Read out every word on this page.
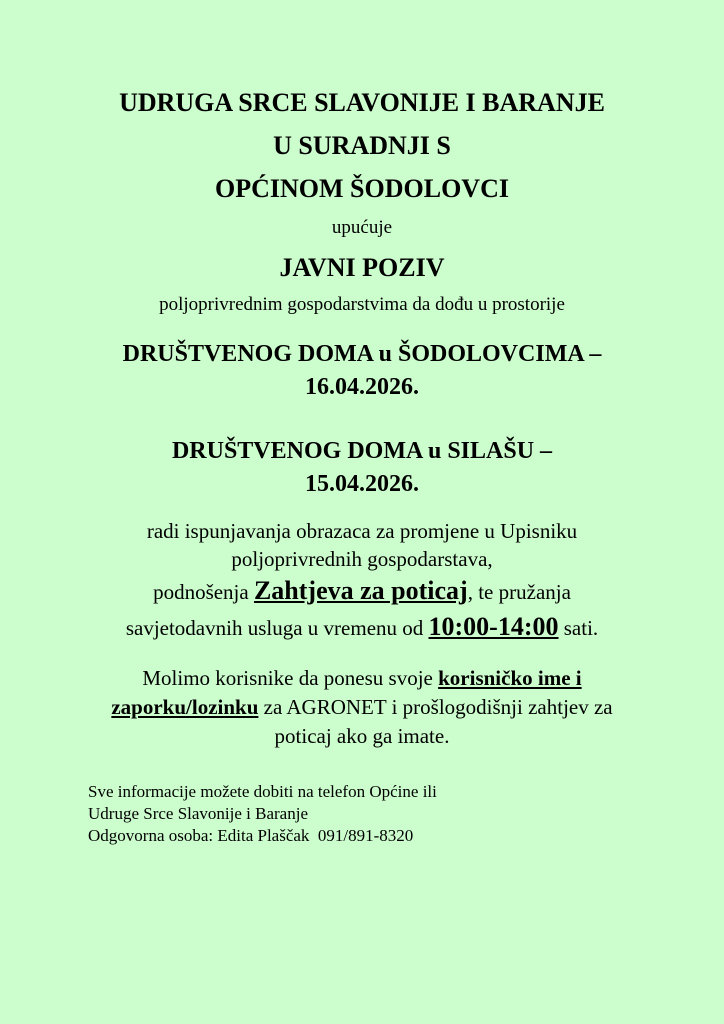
UDRUGA SRCE SLAVONIJE I BARANJE
U SURADNJI S
OPĆINOM ŠODOLOVCI
upućuje
JAVNI POZIV
poljoprivrednim gospodarstvima da dođu u prostorije
DRUŠTVENOG DOMA u ŠODOLOVCIMA –
16.04.2026.
DRUŠTVENOG DOMA u SILAŠU –
15.04.2026.
radi ispunjavanja obrazaca za promjene u Upisniku
poljoprivrednih gospodarstava,
podnošenja Zahtjeva za poticaj, te pružanja
savjetodavnih usluga u vremenu od 10:00-14:00 sati.
Molimo korisnike da ponesu svoje korisničko ime i
zaporku/lozinku za AGRONET i prošlogodišnji zahtjev za
poticaj ako ga imate.
Sve informacije možete dobiti na telefon Općine ili
Udruge Srce Slavonije i Baranje
Odgovorna osoba: Edita Plaščak  091/891-8320
